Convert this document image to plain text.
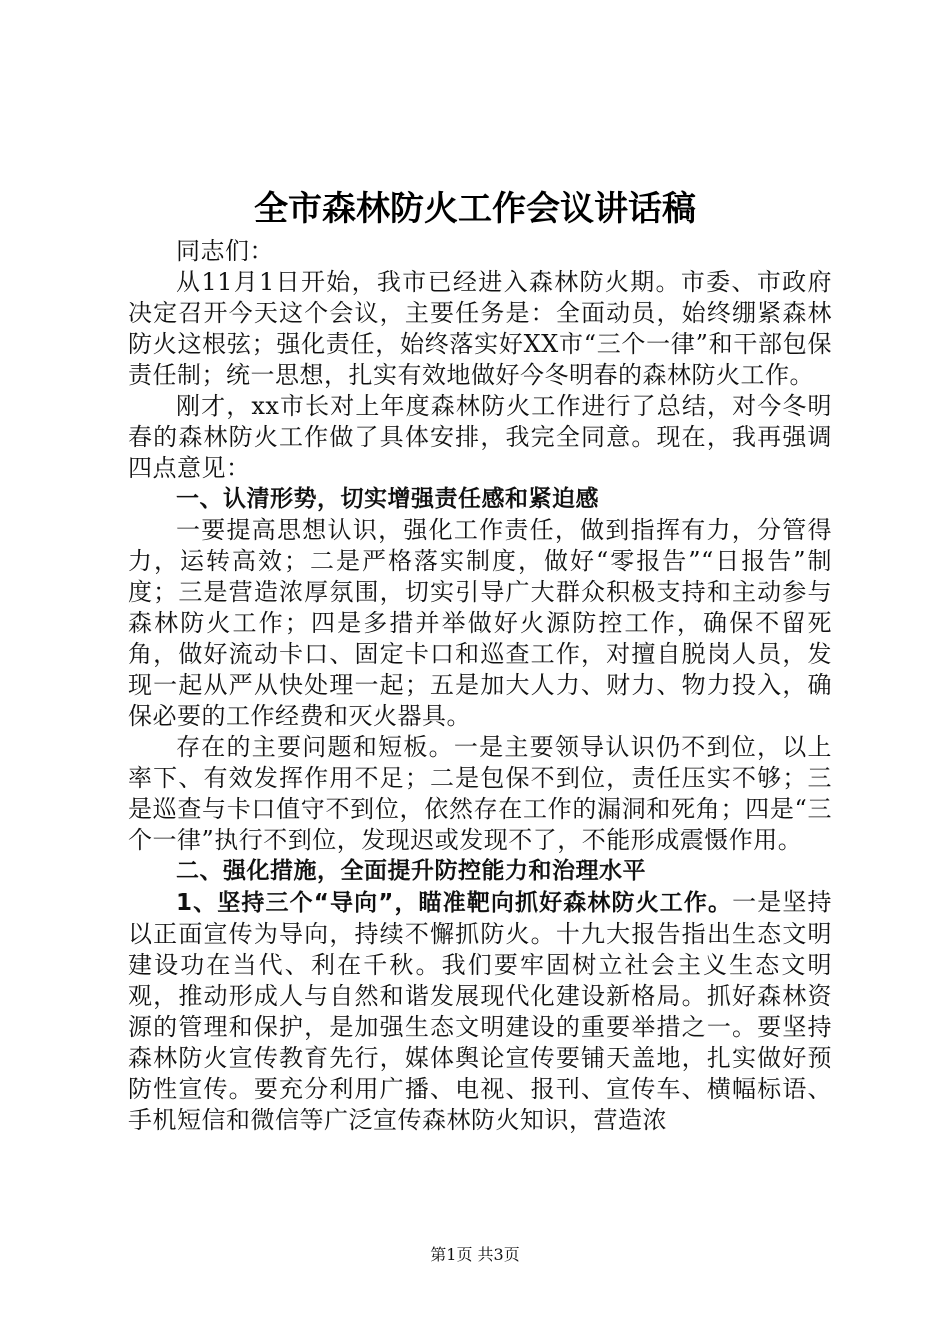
全市森林防火工作会议讲话稿

同志们：

从11月1日开始，我市已经进入森林防火期。市委、市政府决定召开今天这个会议，主要任务是：全面动员，始终绷紧森林防火这根弦；强化责任，始终落实好XX市“三个一律”和干部包保责任制；统一思想，扎实有效地做好今冬明春的森林防火工作。

刚才，xx市长对上年度森林防火工作进行了总结，对今冬明春的森林防火工作做了具体安排，我完全同意。现在，我再强调四点意见：

一、认清形势，切实增强责任感和紧迫感

一要提高思想认识，强化工作责任，做到指挥有力，分管得力，运转高效；二是严格落实制度，做好“零报告”“日报告”制度；三是营造浓厚氛围，切实引导广大群众积极支持和主动参与森林防火工作；四是多措并举做好火源防控工作，确保不留死角，做好流动卡口、固定卡口和巡查工作，对擅自脱岗人员，发现一起从严从快处理一起；五是加大人力、财力、物力投入，确保必要的工作经费和灭火器具。

存在的主要问题和短板。一是主要领导认识仍不到位，以上率下、有效发挥作用不足；二是包保不到位，责任压实不够；三是巡查与卡口值守不到位，依然存在工作的漏洞和死角；四是“三个一律”执行不到位，发现迟或发现不了，不能形成震慑作用。

二、强化措施，全面提升防控能力和治理水平

1、坚持三个“导向”，瞄准靶向抓好森林防火工作。一是坚持以正面宣传为导向，持续不懈抓防火。十九大报告指出生态文明建设功在当代、利在千秋。我们要牢固树立社会主义生态文明观，推动形成人与自然和谐发展现代化建设新格局。抓好森林资源的管理和保护，是加强生态文明建设的重要举措之一。要坚持森林防火宣传教育先行，媒体舆论宣传要铺天盖地，扎实做好预防性宣传。要充分利用广播、电视、报刊、宣传车、横幅标语、手机短信和微信等广泛宣传森林防火知识，营造浓

第1页 共3页
